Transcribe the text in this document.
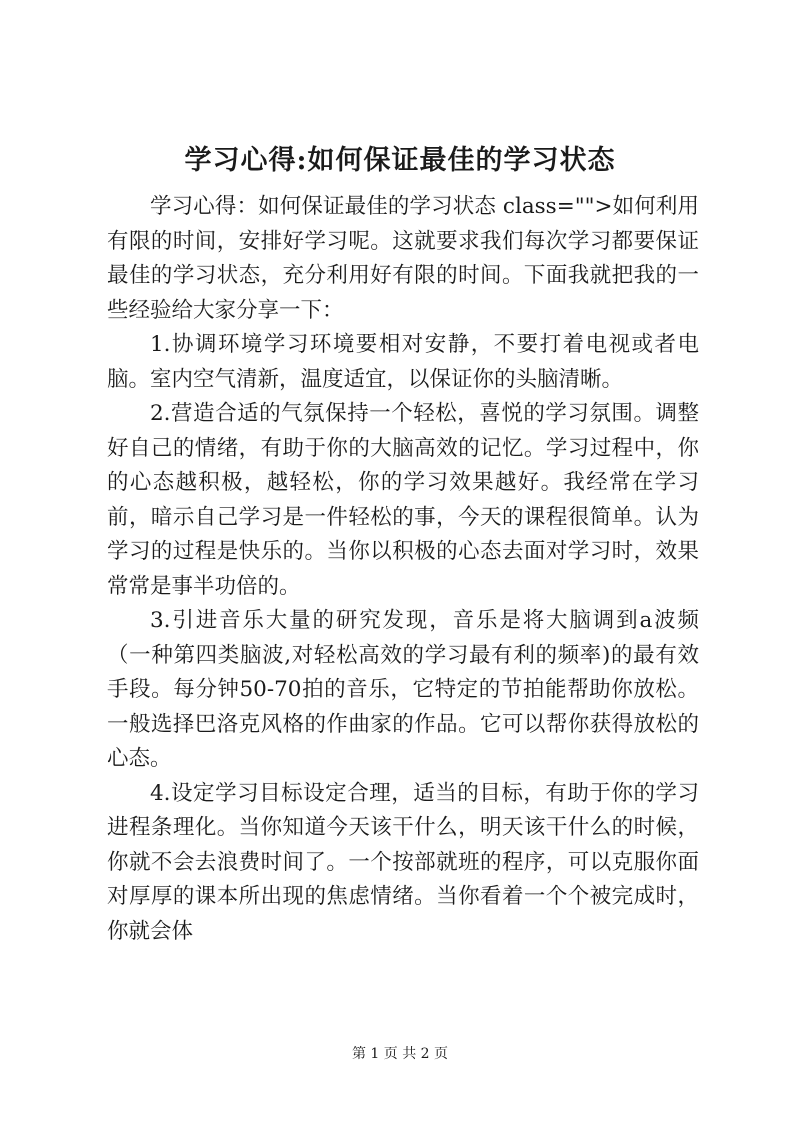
学习心得:如何保证最佳的学习状态

学习心得：如何保证最佳的学习状态 class="">如何利用有限的时间，安排好学习呢。这就要求我们每次学习都要保证最佳的学习状态，充分利用好有限的时间。下面我就把我的一些经验给大家分享一下：

1.协调环境学习环境要相对安静，不要打着电视或者电脑。室内空气清新，温度适宜，以保证你的头脑清晰。

2.营造合适的气氛保持一个轻松，喜悦的学习氛围。调整好自己的情绪，有助于你的大脑高效的记忆。学习过程中，你的心态越积极，越轻松，你的学习效果越好。我经常在学习前，暗示自己学习是一件轻松的事，今天的课程很简单。认为学习的过程是快乐的。当你以积极的心态去面对学习时，效果常常是事半功倍的。

3.引进音乐大量的研究发现，音乐是将大脑调到a波频（一种第四类脑波,对轻松高效的学习最有利的频率)的最有效手段。每分钟50-70拍的音乐，它特定的节拍能帮助你放松。一般选择巴洛克风格的作曲家的作品。它可以帮你获得放松的心态。

4.设定学习目标设定合理，适当的目标，有助于你的学习进程条理化。当你知道今天该干什么，明天该干什么的时候，你就不会去浪费时间了。一个按部就班的程序，可以克服你面对厚厚的课本所出现的焦虑情绪。当你看着一个个被完成时，你就会体

第 1 页 共 2 页
